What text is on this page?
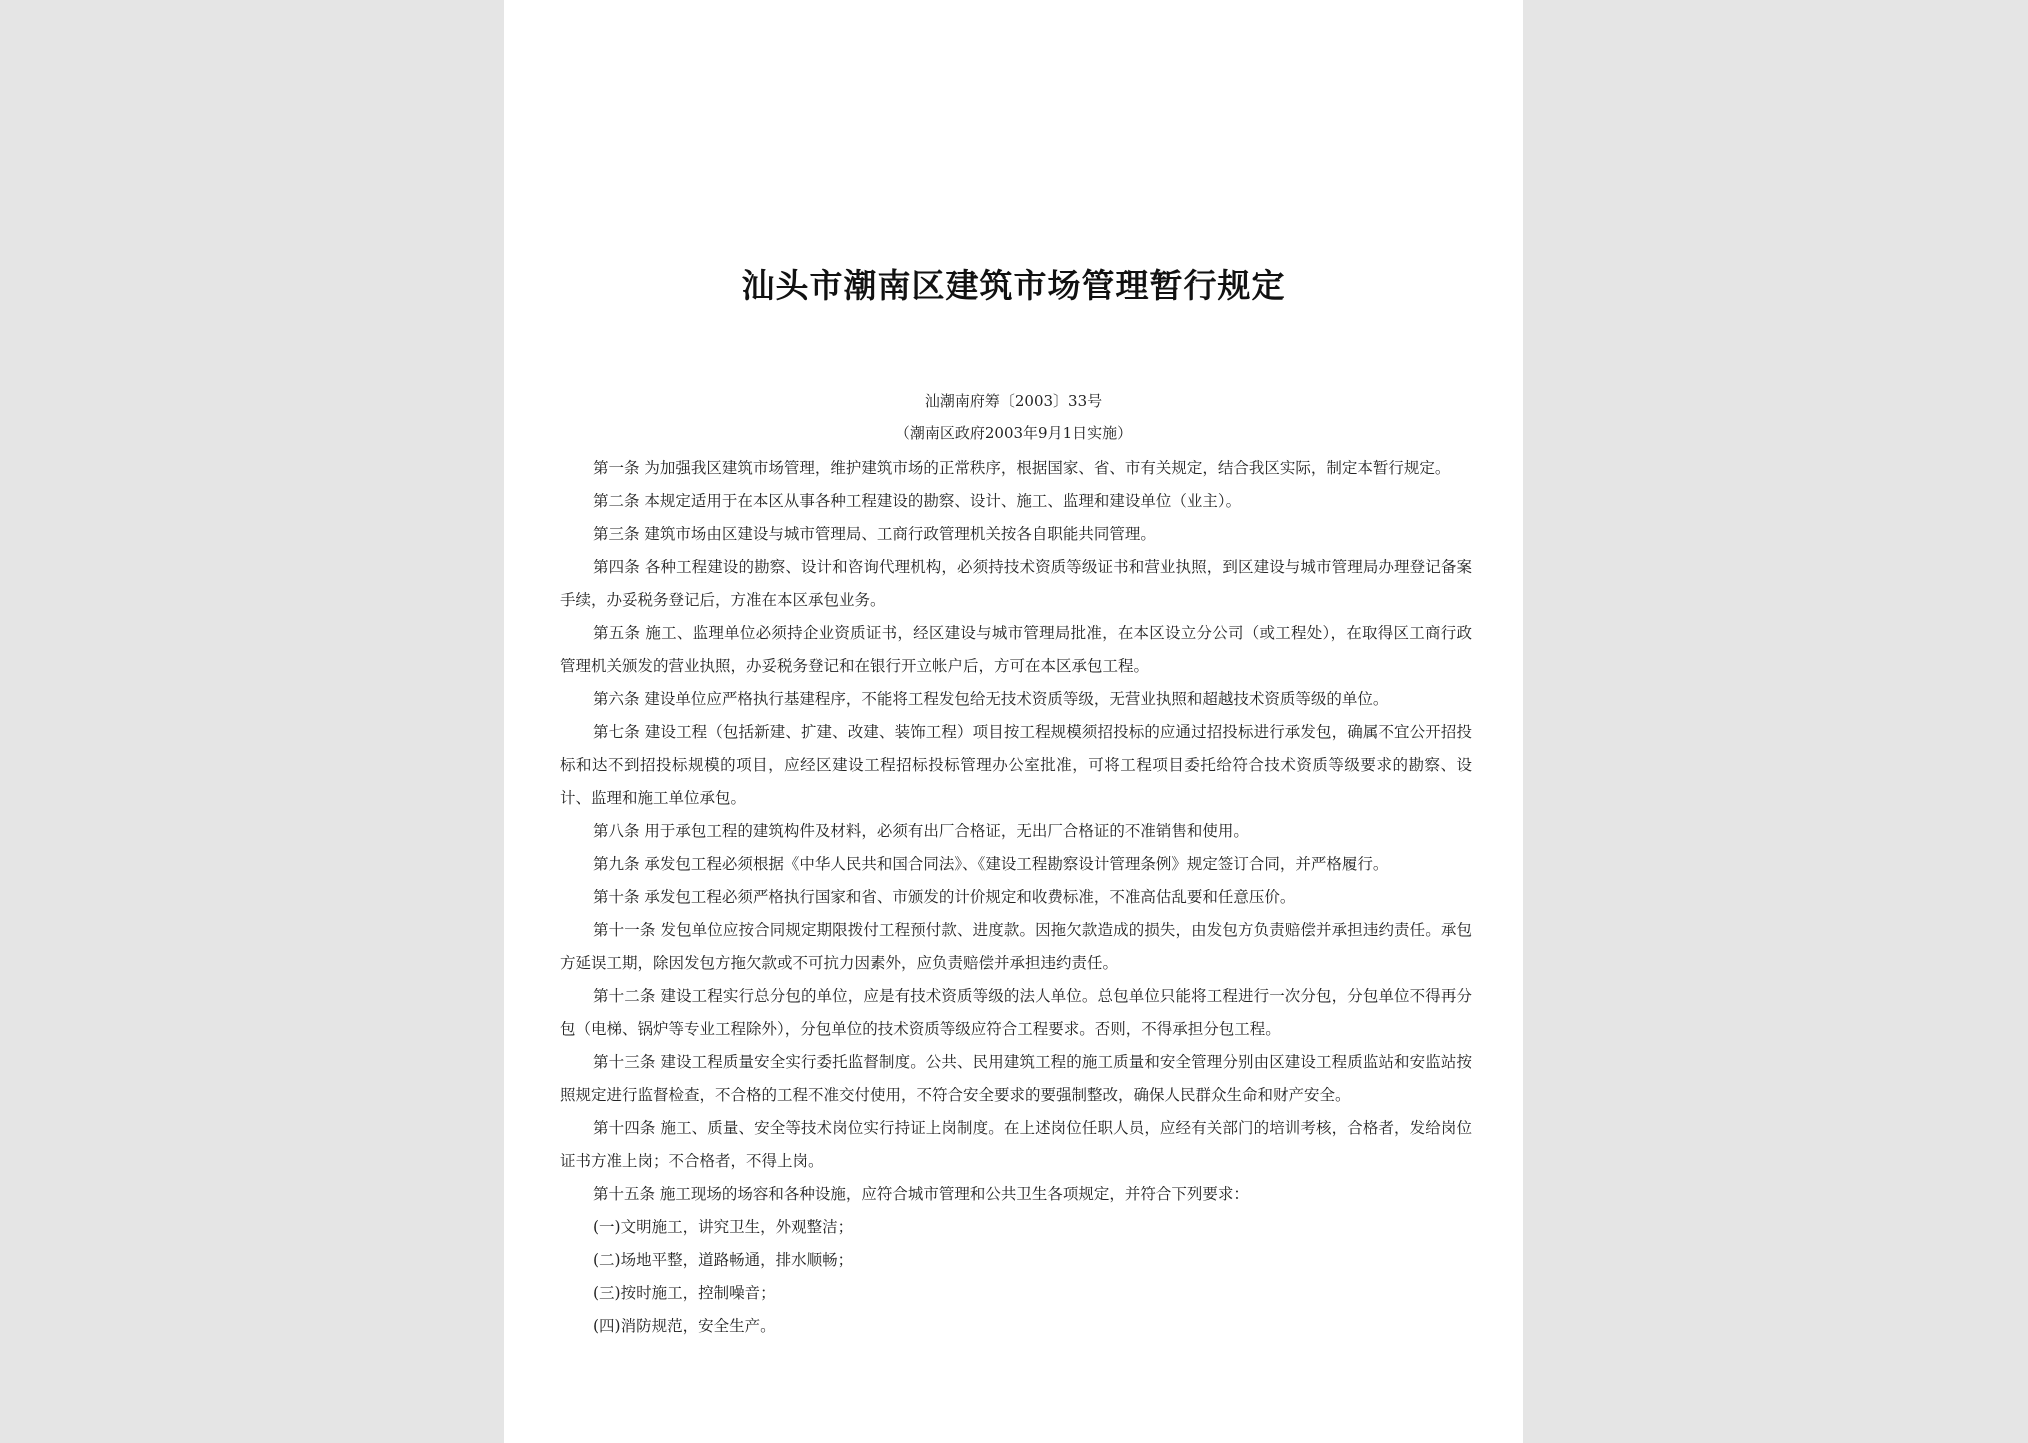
汕头市潮南区建筑市场管理暂行规定
汕潮南府筹〔2003〕33号
（潮南区政府2003年9月1日实施）

第一条 为加强我区建筑市场管理，维护建筑市场的正常秩序，根据国家、省、市有关规定，结合我区实际，制定本暂行规定。

第二条 本规定适用于在本区从事各种工程建设的勘察、设计、施工、监理和建设单位（业主）。

第三条 建筑市场由区建设与城市管理局、工商行政管理机关按各自职能共同管理。

第四条 各种工程建设的勘察、设计和咨询代理机构，必须持技术资质等级证书和营业执照，到区建设与城市管理局办理登记备案手续，办妥税务登记后，方准在本区承包业务。

第五条 施工、监理单位必须持企业资质证书，经区建设与城市管理局批准，在本区设立分公司（或工程处），在取得区工商行政管理机关颁发的营业执照，办妥税务登记和在银行开立帐户后，方可在本区承包工程。

第六条 建设单位应严格执行基建程序，不能将工程发包给无技术资质等级，无营业执照和超越技术资质等级的单位。

第七条 建设工程（包括新建、扩建、改建、装饰工程）项目按工程规模须招投标的应通过招投标进行承发包，确属不宜公开招投标和达不到招投标规模的项目，应经区建设工程招标投标管理办公室批准，可将工程项目委托给符合技术资质等级要求的勘察、设计、监理和施工单位承包。

第八条 用于承包工程的建筑构件及材料，必须有出厂合格证，无出厂合格证的不准销售和使用。

第九条 承发包工程必须根据《中华人民共和国合同法》、《建设工程勘察设计管理条例》规定签订合同，并严格履行。

第十条 承发包工程必须严格执行国家和省、市颁发的计价规定和收费标准，不准高估乱要和任意压价。

第十一条 发包单位应按合同规定期限拨付工程预付款、进度款。因拖欠款造成的损失，由发包方负责赔偿并承担违约责任。承包方延误工期，除因发包方拖欠款或不可抗力因素外，应负责赔偿并承担违约责任。

第十二条 建设工程实行总分包的单位，应是有技术资质等级的法人单位。总包单位只能将工程进行一次分包，分包单位不得再分包（电梯、锅炉等专业工程除外），分包单位的技术资质等级应符合工程要求。否则，不得承担分包工程。

第十三条 建设工程质量安全实行委托监督制度。公共、民用建筑工程的施工质量和安全管理分别由区建设工程质监站和安监站按照规定进行监督检查，不合格的工程不准交付使用，不符合安全要求的要强制整改，确保人民群众生命和财产安全。

第十四条 施工、质量、安全等技术岗位实行持证上岗制度。在上述岗位任职人员，应经有关部门的培训考核，合格者，发给岗位证书方准上岗；不合格者，不得上岗。

第十五条 施工现场的场容和各种设施，应符合城市管理和公共卫生各项规定，并符合下列要求：

(一)文明施工，讲究卫生，外观整洁；

(二)场地平整，道路畅通，排水顺畅；

(三)按时施工，控制噪音；

(四)消防规范，安全生产。
